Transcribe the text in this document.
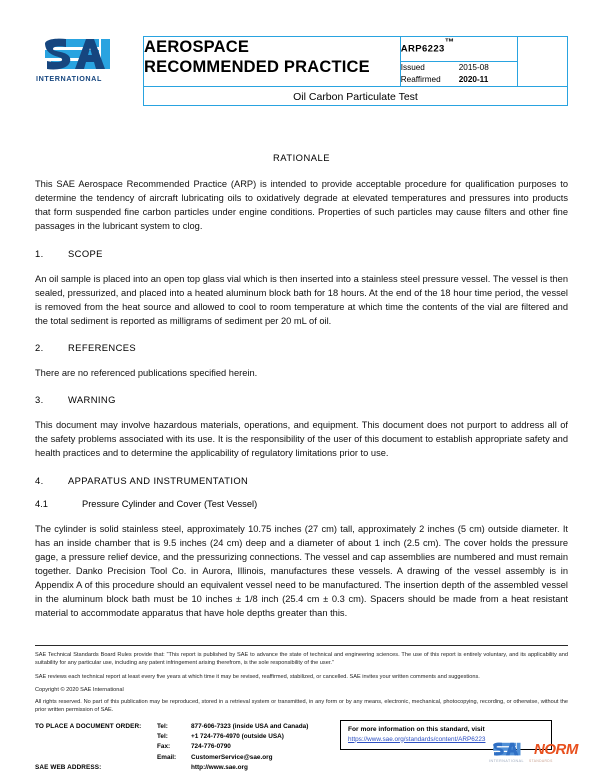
INTERNATIONAL
AEROSPACE
RECOMMENDED PRACTICE
	ARP6223™	

Issued	2015-08
Reaffirmed	2020-11

Oil Carbon Particulate Test
RATIONALE

This SAE Aerospace Recommended Practice (ARP) is intended to provide acceptable procedure for qualification purposes to determine the tendency of aircraft lubricating oils to oxidatively degrade at elevated temperatures and pressures into products that form suspended fine carbon particles under engine conditions. Properties of such particles may cause filters and other fine passages in the lubricant system to clog.

1.	SCOPE

An oil sample is placed into an open top glass vial which is then inserted into a stainless steel pressure vessel. The vessel is then sealed, pressurized, and placed into a heated aluminum block bath for 18 hours. At the end of the 18 hour time period, the vessel is removed from the heat source and allowed to cool to room temperature at which time the contents of the vial are filtered and the total sediment is reported as milligrams of sediment per 20 mL of oil.

2.	REFERENCES

There are no referenced publications specified herein.

3.	WARNING

This document may involve hazardous materials, operations, and equipment. This document does not purport to address all of the safety problems associated with its use. It is the responsibility of the user of this document to establish appropriate safety and health practices and to determine the applicability of regulatory limitations prior to use.

4.	APPARATUS AND INSTRUMENTATION
4.1	Pressure Cylinder and Cover (Test Vessel)

The cylinder is solid stainless steel, approximately 10.75 inches (27 cm) tall, approximately 2 inches (5 cm) outside diameter. It has an inside chamber that is 9.5 inches (24 cm) deep and a diameter of about 1 inch (2.5 cm). The cover holds the pressure gage, a pressure relief device, and the pressurizing connections. The vessel and cap assemblies are numbered and must remain together. Danko Precision Tool Co. in Aurora, Illinois, manufactures these vessels. A drawing of the vessel assembly is in Appendix A of this procedure should an equivalent vessel need to be manufactured. The insertion depth of the assembled vessel in the aluminum block bath must be 10 inches ± 1/8 inch (25.4 cm ± 0.3 cm). Spacers should be made from a heat resistant material to accommodate apparatus that have hole depths greater than this.

SAE Technical Standards Board Rules provide that: “This report is published by SAE to advance the state of technical and engineering sciences. The use of this report is entirely voluntary, and its applicability and suitability for any particular use, including any patent infringement arising therefrom, is the sole responsibility of the user.”

SAE reviews each technical report at least every five years at which time it may be revised, reaffirmed, stabilized, or cancelled. SAE invites your written comments and suggestions.

Copyright © 2020 SAE International

All rights reserved. No part of this publication may be reproduced, stored in a retrieval system or transmitted, in any form or by any means, electronic, mechanical, photocopying, recording, or otherwise, without the prior written permission of SAE.

TO PLACE A DOCUMENT ORDER:	Tel:	877-606-7323 (inside USA and Canada)
Tel:	+1 724-776-4970 (outside USA)
Fax:	724-776-0790
Email:	CustomerService@sae.org
SAE WEB ADDRESS:	http://www.sae.org
For more information on this standard, visit
https://www.sae.org/standards/content/ARP6223
NORM
INTERNATIONAL	STANDARDS
